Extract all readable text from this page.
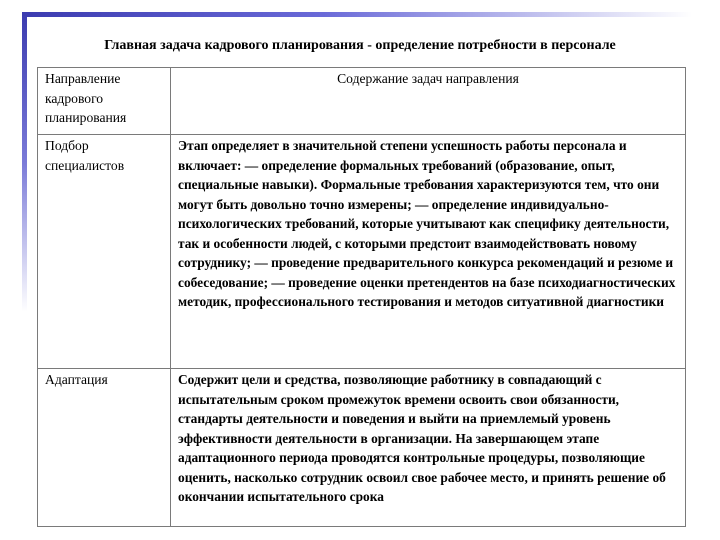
Главная задача кадрового планирования - определение потребности в персонале
Направление кадрового планирования	Содержание задач направления
Подбор специалистов	Этап определяет в значительной степени успешность работы персонала и включает: — определение формальных требований (образование, опыт, специальные навыки). Формальные требования характеризуются тем, что они могут быть довольно точно измерены; — определение индивидуально-психологических требований, которые учитывают как специфику деятельности, так и особенности людей, с которыми предстоит взаимодействовать новому сотруднику; — проведение предварительного конкурса рекомендаций и резюме и собеседование; — проведение оценки претендентов на базе психодиагностических методик, профессионального тестирования и методов ситуативной диагностики
Адаптация	Содержит цели и средства, позволяющие работнику в совпадающий с испытательным сроком промежуток времени освоить свои обязанности, стандарты деятельности и поведения и выйти на приемлемый уровень эффективности деятельности в организации. На завершающем этапе адаптационного периода проводятся контрольные процедуры, позволяющие оценить, насколько сотрудник освоил свое рабочее место, и принять решение об окончании испытательного срока
